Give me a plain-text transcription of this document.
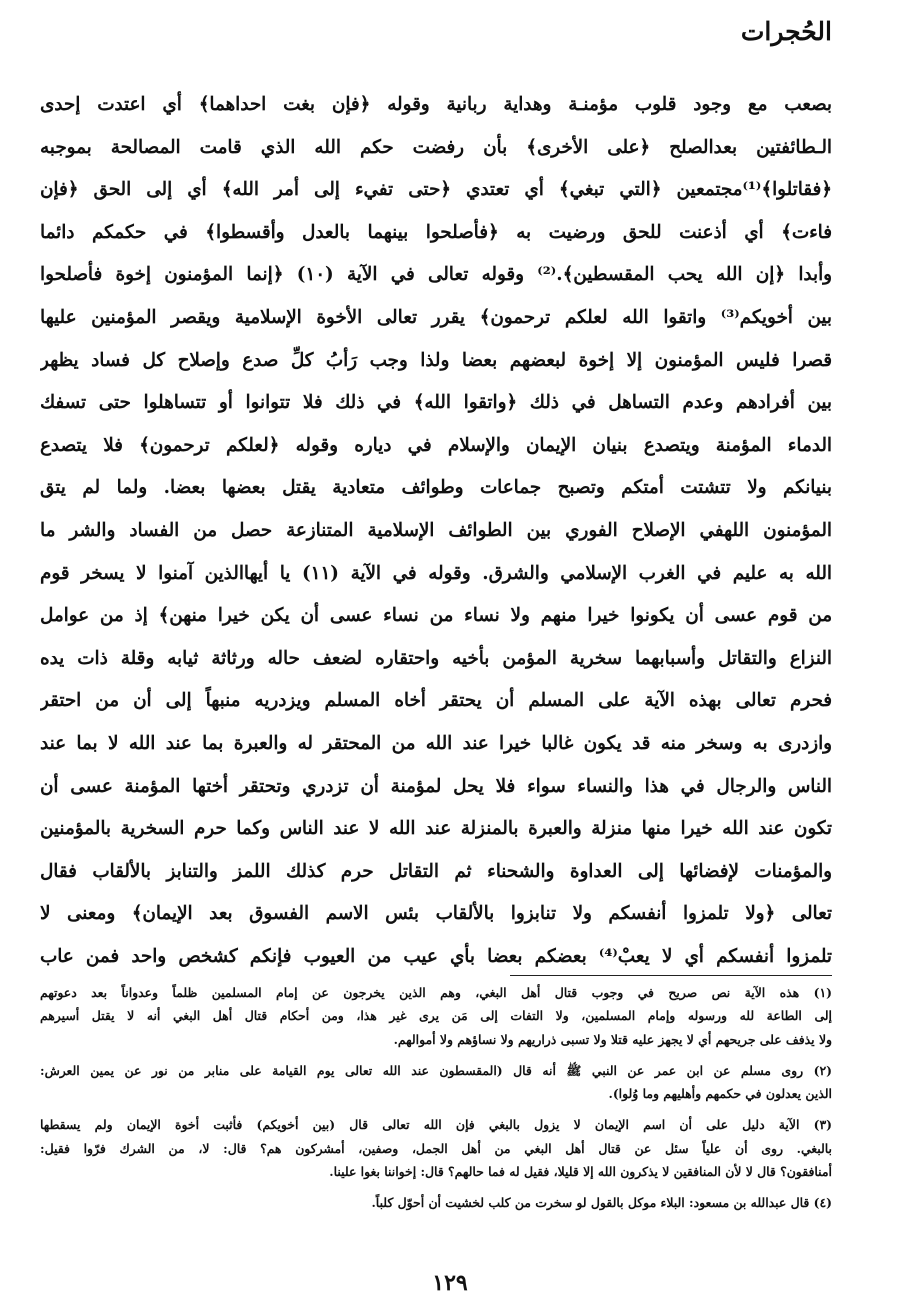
الحُجرات
بصعب مع وجود قلوب مؤمنـة وهداية ربانية وقوله ﴿فإن بغت احداهما﴾ أي اعتدت إحدى
الـطائفتين بعدالصلح ﴿على الأخرى﴾ بأن رفضت حكم الله الذي قامت المصالحة بموجبه
﴿فقاتلوا﴾⁽¹⁾مجتمعين ﴿التي تبغي﴾ أي تعتدي ﴿حتى تفيء إلى أمر الله﴾ أي إلى الحق ﴿فإن
فاءت﴾ أي أذعنت للحق ورضيت به ﴿فأصلحوا بينهما بالعدل وأقسطوا﴾ في حكمكم دائما
وأبدا ﴿إن الله يحب المقسطين﴾.⁽²⁾ وقوله تعالى في الآية (١٠) ﴿إنما المؤمنون إخوة فأصلحوا
بين أخويكم⁽³⁾ واتقوا الله لعلكم ترحمون﴾ يقرر تعالى الأخوة الإسلامية ويقصر المؤمنين عليها
قصرا فليس المؤمنون إلا إخوة لبعضهم بعضا ولذا وجب رَأبُ كلِّ صدع وإصلاح كل فساد يظهر
بين أفرادهم وعدم التساهل في ذلك ﴿واتقوا الله﴾ في ذلك فلا تتوانوا أو تتساهلوا حتى تسفك
الدماء المؤمنة ويتصدع بنيان الإيمان والإسلام في دياره وقوله ﴿لعلكم ترحمون﴾ فلا يتصدع
بنيانكم ولا تتشتت أمتكم وتصبح جماعات وطوائف متعادية يقتل بعضها بعضا. ولما لم يتق
المؤمنون اللهفي الإصلاح الفوري بين الطوائف الإسلامية المتنازعة حصل من الفساد والشر ما
الله به عليم في الغرب الإسلامي والشرق. وقوله في الآية (١١) يا أيهاالذين آمنوا لا يسخر قوم
من قوم عسى أن يكونوا خيرا منهم ولا نساء من نساء عسى أن يكن خيرا منهن﴾ إذ من عوامل
النزاع والتقاتل وأسبابهما سخرية المؤمن بأخيه واحتقاره لضعف حاله ورثاثة ثيابه وقلة ذات يده
فحرم تعالى بهذه الآية على المسلم أن يحتقر أخاه المسلم ويزدريه منبهاً إلى أن من احتقر
وازدرى به وسخر منه قد يكون غالبا خيرا عند الله من المحتقر له والعبرة بما عند الله لا بما عند
الناس والرجال في هذا والنساء سواء فلا يحل لمؤمنة أن تزدري وتحتقر أختها المؤمنة عسى أن
تكون عند الله خيرا منها منزلة والعبرة بالمنزلة عند الله لا عند الناس وكما حرم السخرية بالمؤمنين
والمؤمنات لإفضائها إلى العداوة والشحناء ثم التقاتل حرم كذلك اللمز والتنابز بالألقاب فقال
تعالى ﴿ولا تلمزوا أنفسكم ولا تنابزوا بالألقاب بئس الاسم الفسوق بعد الإيمان﴾ ومعنى لا
تلمزوا أنفسكم أي لا يعبْ⁽⁴⁾ بعضكم بعضا بأي عيب من العيوب فإنكم كشخص واحد فمن عاب
(١) هذه الآية نص صريح في وجوب قتال أهل البغي، وهم الذين يخرجون عن إمام المسلمين ظلماً وعدواناً بعد دعوتهم
إلى الطاعة لله ورسوله وإمام المسلمين، ولا التفات إلى مَن يرى غير هذا، ومن أحكام قتال أهل البغي أنه لا يقتل أسيرهم
ولا يذفف على جريحهم أي لا يجهز عليه قتلا ولا تسبى ذراريهم ولا نساؤهم ولا أموالهم.
(٢) روى مسلم عن ابن عمر عن النبي ﷺ أنه قال (المقسطون عند الله تعالى يوم القيامة على منابر من نور عن يمين العرش:
الذين يعدلون في حكمهم وأهليهم وما وُلوا).
(٣) الآية دليل على أن اسم الإيمان لا يزول بالبغي فإن الله تعالى قال (بين أخويكم) فأثبت أخوة الإيمان ولم يسقطها
بالبغي. روى أن علياً سئل عن قتال أهل البغي من أهل الجمل، وصفين، أمشركون هم؟ قال: لا، من الشرك فرّوا فقيل:
أمنافقون؟ قال لا لأن المنافقين لا يذكرون الله إلا قليلا، فقيل له فما حالهم؟ قال: إخواننا بغوا علينا.
(٤) قال عبدالله بن مسعود: البلاء موكل بالقول لو سخرت من كلب لخشيت أن أحوّل كلباً.
١٢٩
